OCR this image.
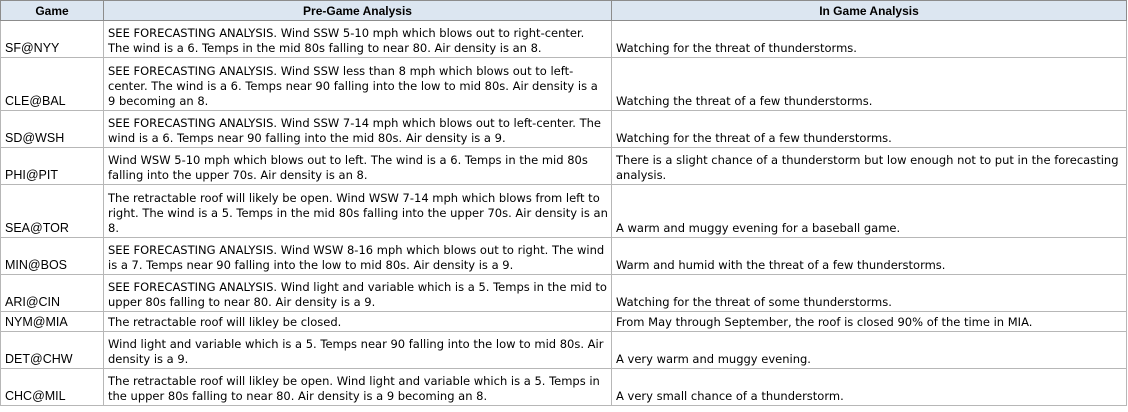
Game	Pre-Game Analysis	In Game Analysis
SF@NYY	SEE FORECASTING ANALYSIS. Wind SSW 5-10 mph which blows out to right-center. The wind is a 6. Temps in the mid 80s falling to near 80. Air density is an 8.	Watching for the threat of thunderstorms.
CLE@BAL	SEE FORECASTING ANALYSIS. Wind SSW less than 8 mph which blows out to left-center. The wind is a 6. Temps near 90 falling into the low to mid 80s. Air density is a 9 becoming an 8.	Watching the threat of a few thunderstorms.
SD@WSH	SEE FORECASTING ANALYSIS. Wind SSW 7-14 mph which blows out to left-center. The wind is a 6. Temps near 90 falling into the mid 80s. Air density is a 9.	Watching for the threat of a few thunderstorms.
PHI@PIT	Wind WSW 5-10 mph which blows out to left. The wind is a 6. Temps in the mid 80s falling into the upper 70s. Air density is an 8.	There is a slight chance of a thunderstorm but low enough not to put in the forecasting analysis.
SEA@TOR	The retractable roof will likely be open. Wind WSW 7-14 mph which blows from left to right. The wind is a 5. Temps in the mid 80s falling into the upper 70s. Air density is an 8.	A warm and muggy evening for a baseball game.
MIN@BOS	SEE FORECASTING ANALYSIS. Wind WSW 8-16 mph which blows out to right. The wind is a 7. Temps near 90 falling into the low to mid 80s. Air density is a 9.	Warm and humid with the threat of a few thunderstorms.
ARI@CIN	SEE FORECASTING ANALYSIS. Wind light and variable which is a 5. Temps in the mid to upper 80s falling to near 80. Air density is a 9.	Watching for the threat of some thunderstorms.
NYM@MIA	The retractable roof will likley be closed.	From May through September, the roof is closed 90% of the time in MIA.
DET@CHW	Wind light and variable which is a 5. Temps near 90 falling into the low to mid 80s. Air density is a 9.	A very warm and muggy evening.
CHC@MIL	The retractable roof will likley be open. Wind light and variable which is a 5. Temps in the upper 80s falling to near 80. Air density is a 9 becoming an 8.	A very small chance of a thunderstorm.
